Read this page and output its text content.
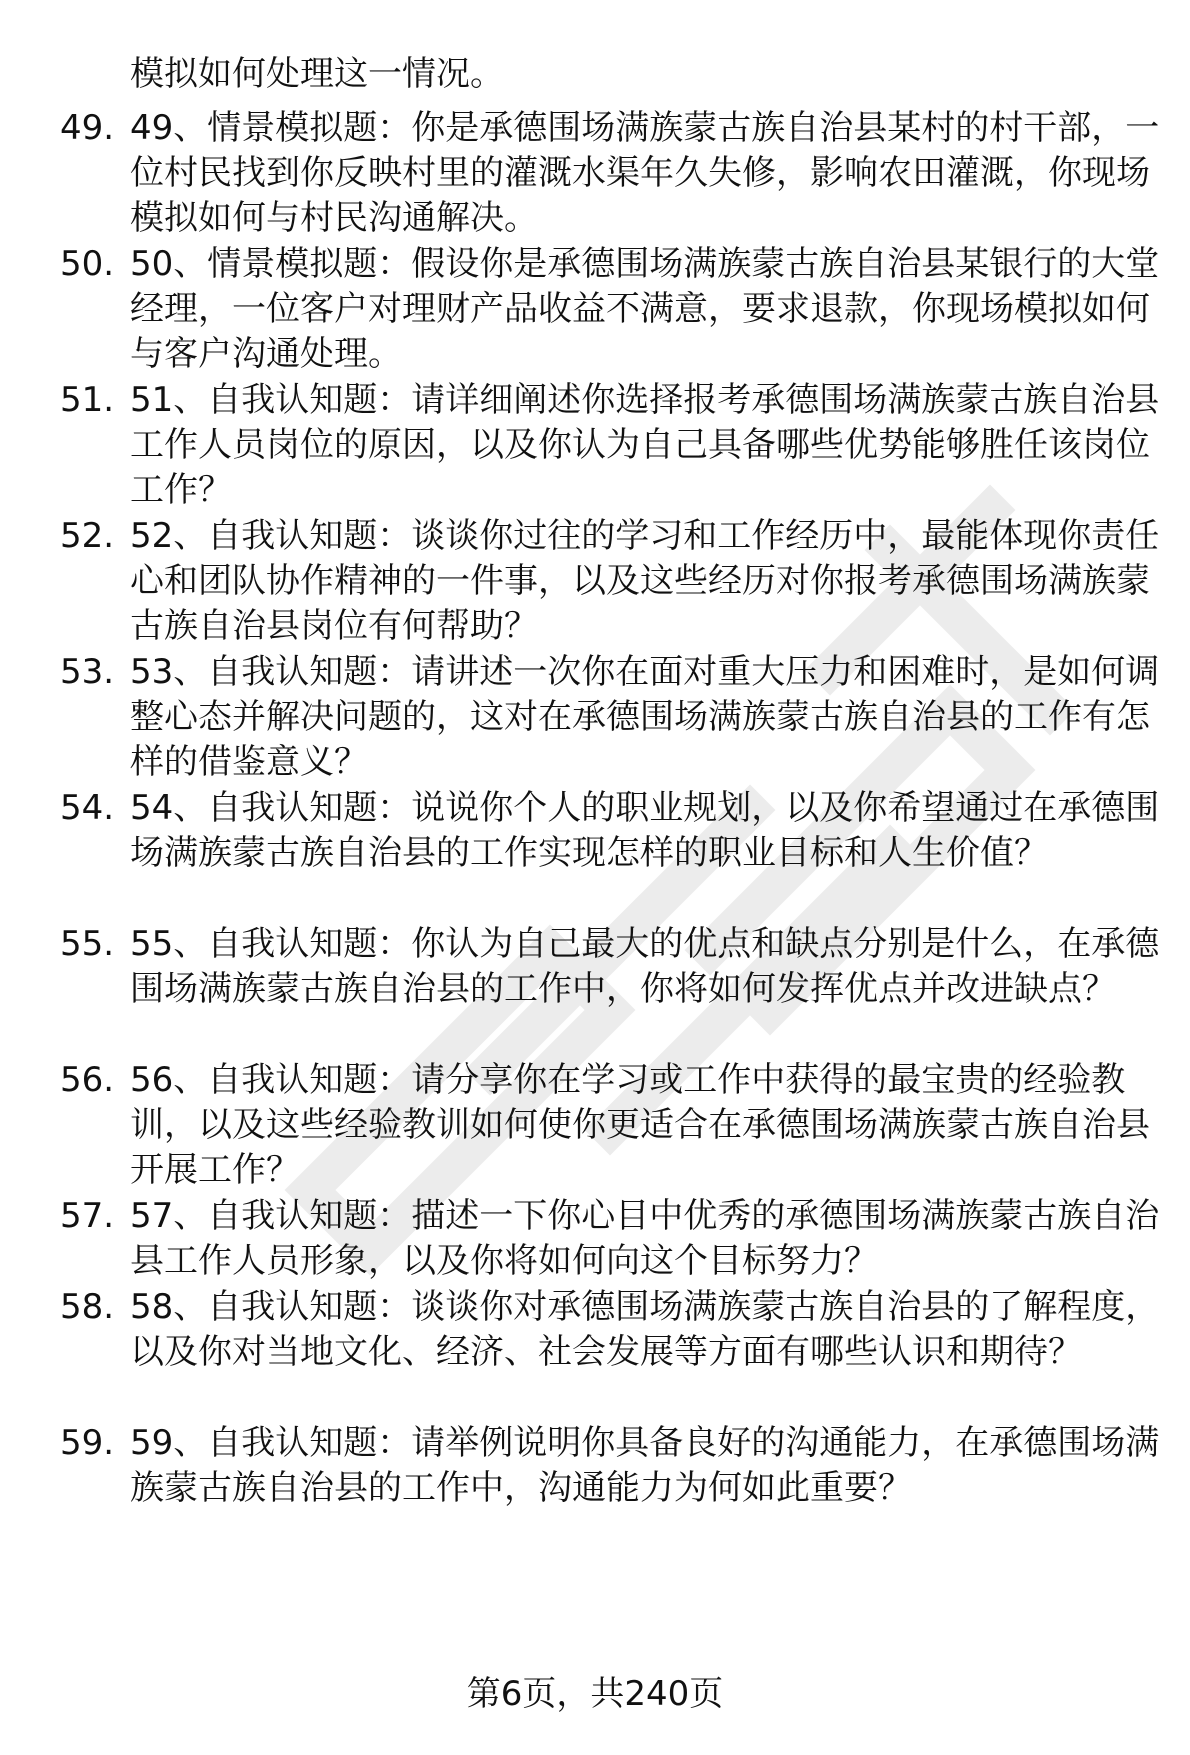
模拟如何处理这一情况。

49. 49、情景模拟题：你是承德围场满族蒙古族自治县某村的村干部，一位村民找到你反映村里的灌溉水渠年久失修，影响农田灌溉，你现场模拟如何与村民沟通解决。

50. 50、情景模拟题：假设你是承德围场满族蒙古族自治县某银行的大堂经理，一位客户对理财产品收益不满意，要求退款，你现场模拟如何与客户沟通处理。

51. 51、自我认知题：请详细阐述你选择报考承德围场满族蒙古族自治县工作人员岗位的原因，以及你认为自己具备哪些优势能够胜任该岗位工作？

52. 52、自我认知题：谈谈你过往的学习和工作经历中，最能体现你责任心和团队协作精神的一件事，以及这些经历对你报考承德围场满族蒙古族自治县岗位有何帮助？

53. 53、自我认知题：请讲述一次你在面对重大压力和困难时，是如何调整心态并解决问题的，这对在承德围场满族蒙古族自治县的工作有怎样的借鉴意义？

54. 54、自我认知题：说说你个人的职业规划，以及你希望通过在承德围场满族蒙古族自治县的工作实现怎样的职业目标和人生价值？

55. 55、自我认知题：你认为自己最大的优点和缺点分别是什么，在承德围场满族蒙古族自治县的工作中，你将如何发挥优点并改进缺点？

56. 56、自我认知题：请分享你在学习或工作中获得的最宝贵的经验教训，以及这些经验教训如何使你更适合在承德围场满族蒙古族自治县开展工作？

57. 57、自我认知题：描述一下你心目中优秀的承德围场满族蒙古族自治县工作人员形象，以及你将如何向这个目标努力？

58. 58、自我认知题：谈谈你对承德围场满族蒙古族自治县的了解程度，以及你对当地文化、经济、社会发展等方面有哪些认识和期待？

59. 59、自我认知题：请举例说明你具备良好的沟通能力，在承德围场满族蒙古族自治县的工作中，沟通能力为何如此重要？

第6页，共240页
